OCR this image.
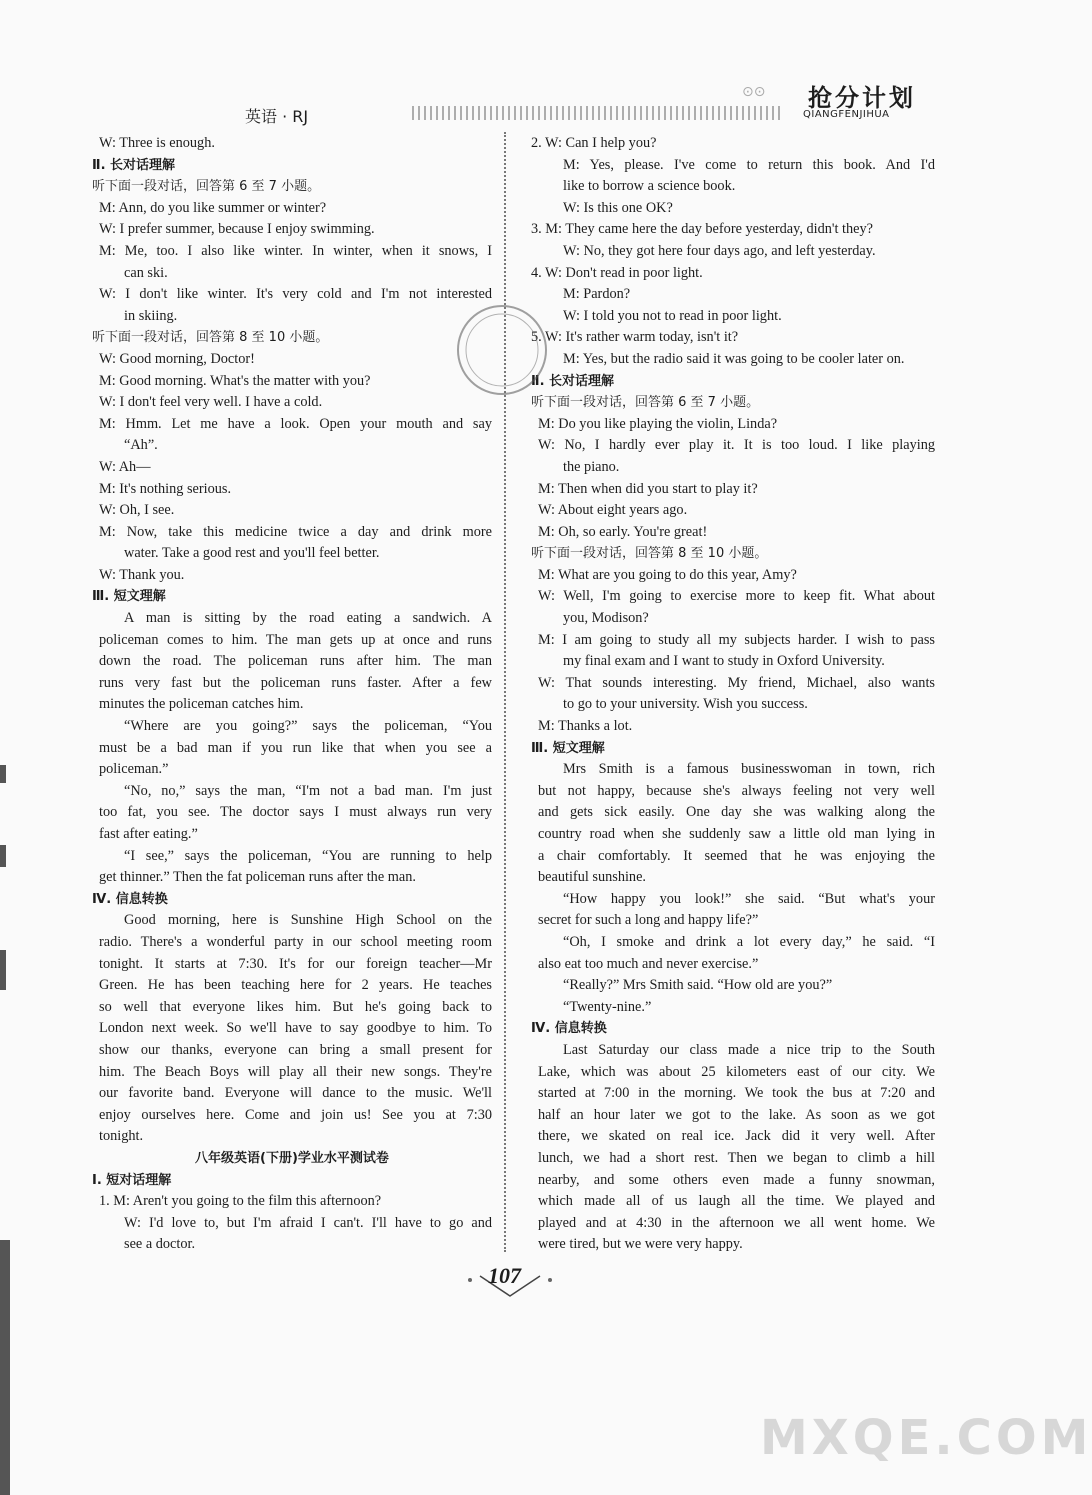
英语 · RJ
⊙⊙ 抢分计划
QIANGFENJIHUA
W: Three is enough.
Ⅱ. 长对话理解
听下面一段对话，回答第 6 至 7 小题。
M: Ann, do you like summer or winter?
W: I prefer summer, because I enjoy swimming.
M: Me, too. I also like winter. In winter, when it snows, I
can ski.
W: I don't like winter. It's very cold and I'm not interested
in skiing.
听下面一段对话，回答第 8 至 10 小题。
W: Good morning, Doctor!
M: Good morning. What's the matter with you?
W: I don't feel very well. I have a cold.
M: Hmm. Let me have a look. Open your mouth and say
“Ah”.
W: Ah—
M: It's nothing serious.
W: Oh, I see.
M: Now, take this medicine twice a day and drink more
water. Take a good rest and you'll feel better.
W: Thank you.
Ⅲ. 短文理解
A man is sitting by the road eating a sandwich. A
policeman comes to him. The man gets up at once and runs
down the road. The policeman runs after him. The man
runs very fast but the policeman runs faster. After a few
minutes the policeman catches him.
“Where are you going?” says the policeman, “You
must be a bad man if you run like that when you see a
policeman.”
“No, no,” says the man, “I'm not a bad man. I'm just
too fat, you see. The doctor says I must always run very
fast after eating.”
“I see,” says the policeman, “You are running to help
get thinner.” Then the fat policeman runs after the man.
Ⅳ. 信息转换
Good morning, here is Sunshine High School on the
radio. There's a wonderful party in our school meeting room
tonight. It starts at 7:30. It's for our foreign teacher—Mr
Green. He has been teaching here for 2 years. He teaches
so well that everyone likes him. But he's going back to
London next week. So we'll have to say goodbye to him. To
show our thanks, everyone can bring a small present for
him. The Beach Boys will play all their new songs. They're
our favorite band. Everyone will dance to the music. We'll
enjoy ourselves here. Come and join us! See you at 7:30
tonight.
八年级英语(下册)学业水平测试卷
Ⅰ. 短对话理解
1. M: Aren't you going to the film this afternoon?
W: I'd love to, but I'm afraid I can't. I'll have to go and
see a doctor.
2. W: Can I help you?
M: Yes, please. I've come to return this book. And I'd
like to borrow a science book.
W: Is this one OK?
3. M: They came here the day before yesterday, didn't they?
W: No, they got here four days ago, and left yesterday.
4. W: Don't read in poor light.
M: Pardon?
W: I told you not to read in poor light.
5. W: It's rather warm today, isn't it?
M: Yes, but the radio said it was going to be cooler later on.
Ⅱ. 长对话理解
听下面一段对话，回答第 6 至 7 小题。
M: Do you like playing the violin, Linda?
W: No, I hardly ever play it. It is too loud. I like playing
the piano.
M: Then when did you start to play it?
W: About eight years ago.
M: Oh, so early. You're great!
听下面一段对话，回答第 8 至 10 小题。
M: What are you going to do this year, Amy?
W: Well, I'm going to exercise more to keep fit. What about
you, Modison?
M: I am going to study all my subjects harder. I wish to pass
my final exam and I want to study in Oxford University.
W: That sounds interesting. My friend, Michael, also wants
to go to your university. Wish you success.
M: Thanks a lot.
Ⅲ. 短文理解
Mrs Smith is a famous businesswoman in town, rich
but not happy, because she's always feeling not very well
and gets sick easily. One day she was walking along the
country road when she suddenly saw a little old man lying in
a chair comfortably. It seemed that he was enjoying the
beautiful sunshine.
“How happy you look!” she said. “But what's your
secret for such a long and happy life?”
“Oh, I smoke and drink a lot every day,” he said. “I
also eat too much and never exercise.”
“Really?” Mrs Smith said. “How old are you?”
“Twenty-nine.”
Ⅳ. 信息转换
Last Saturday our class made a nice trip to the South
Lake, which was about 25 kilometers east of our city. We
started at 7:00 in the morning. We took the bus at 7:20 and
half an hour later we got to the lake. As soon as we got
there, we skated on real ice. Jack did it very well. After
lunch, we had a short rest. Then we began to climb a hill
nearby, and some others even made a funny snowman,
which made all of us laugh all the time. We played and
played and at 4:30 in the afternoon we all went home. We
were tired, but we were very happy.
107
MXQE.COM
